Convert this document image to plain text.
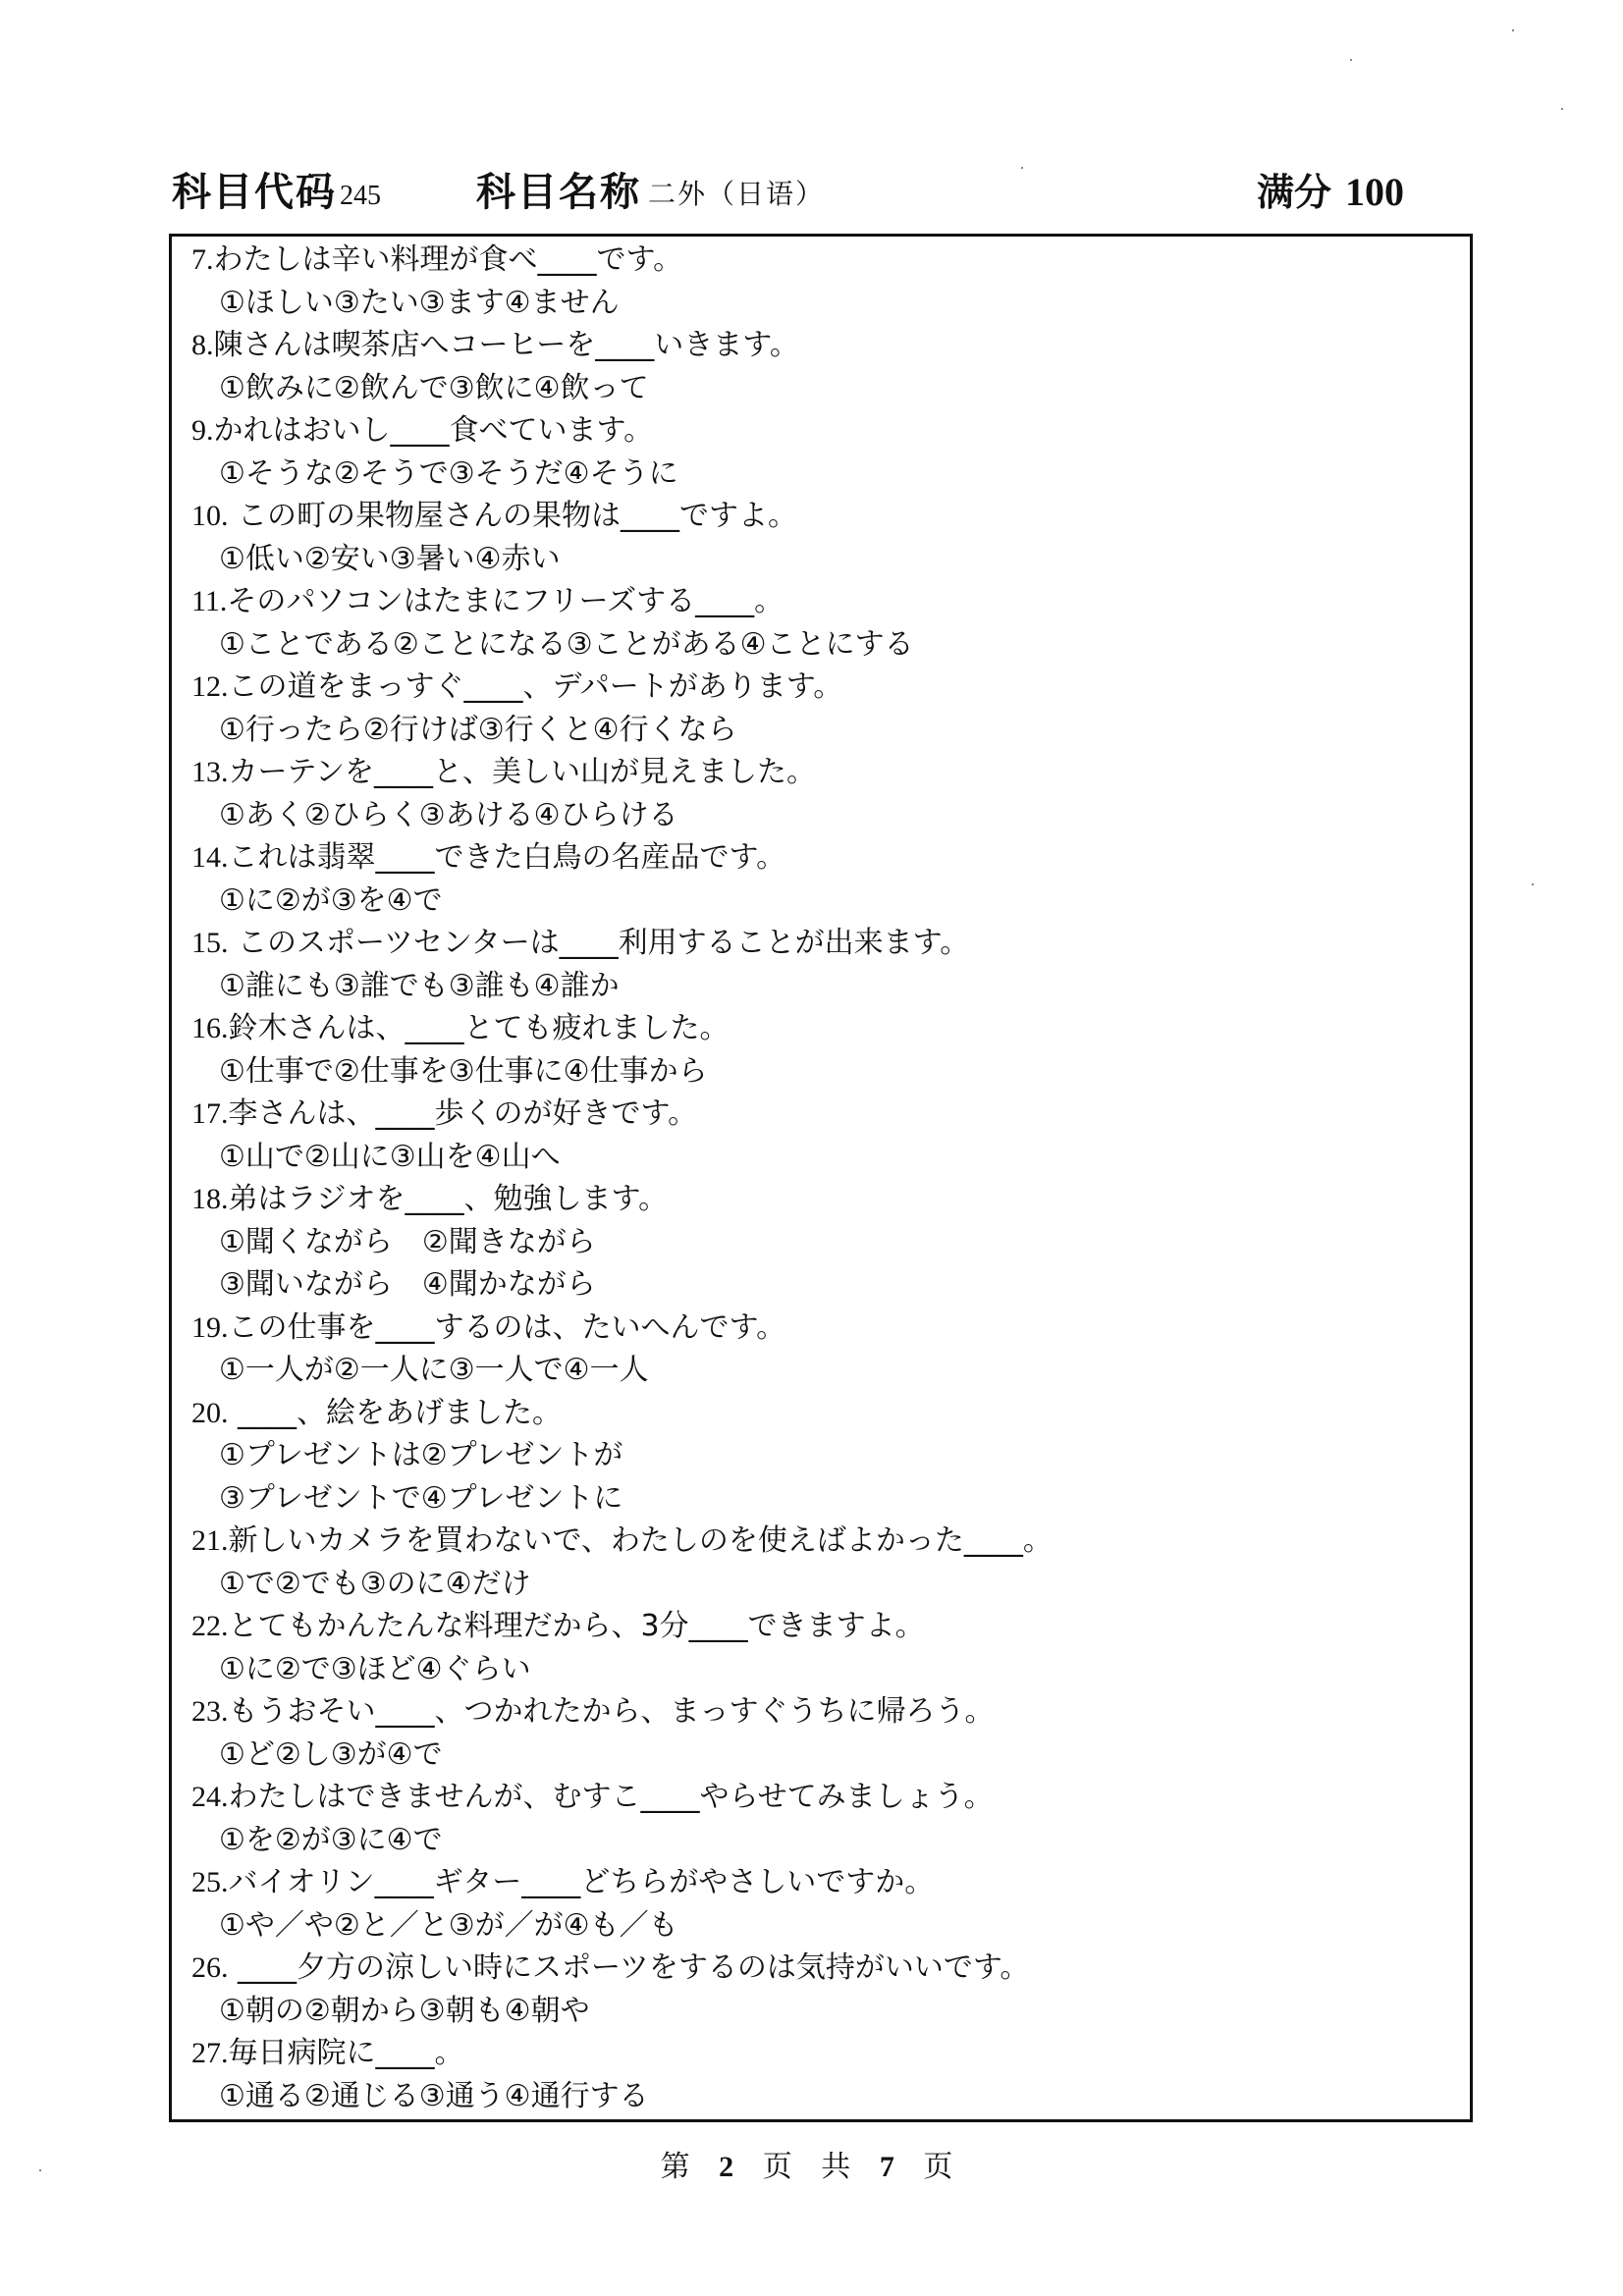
科目代码 245 科目名称 二外（日语）	满分 100
7.わたしは辛い料理が食べ____です。
①ほしい③たい③ます④ません
8.陳さんは喫茶店へコーヒーを____いきます。
①飲みに②飲んで③飲に④飲って
9.かれはおいし____食べています。
①そうな②そうで③そうだ④そうに
10. この町の果物屋さんの果物は____ですよ。
①低い②安い③暑い④赤い
11.そのパソコンはたまにフリーズする____。
①ことである②ことになる③ことがある④ことにする
12.この道をまっすぐ____、デパートがあります。
①行ったら②行けば③行くと④行くなら
13.カーテンを____と、美しい山が見えました。
①あく②ひらく③あける④ひらける
14.これは翡翠____できた白鳥の名産品です。
①に②が③を④で
15. このスポーツセンターは____利用することが出来ます。
①誰にも③誰でも③誰も④誰か
16.鈴木さんは、____とても疲れました。
①仕事で②仕事を③仕事に④仕事から
17.李さんは、____歩くのが好きです。
①山で②山に③山を④山へ
18.弟はラジオを____、勉強します。
①聞くながら　②聞きながら
③聞いながら　④聞かながら
19.この仕事を____するのは、たいへんです。
①一人が②一人に③一人で④一人
20. ____、絵をあげました。
①プレゼントは②プレゼントが
③プレゼントで④プレゼントに
21.新しいカメラを買わないで、わたしのを使えばよかった____。
①で②でも③のに④だけ
22.とてもかんたんな料理だから、3分____できますよ。
①に②で③ほど④ぐらい
23.もうおそい____、つかれたから、まっすぐうちに帰ろう。
①ど②し③が④で
24.わたしはできませんが、むすこ____やらせてみましょう。
①を②が③に④で
25.バイオリン____ギター____どちらがやさしいですか。
①や／や②と／と③が／が④も／も
26. ____夕方の涼しい時にスポーツをするのは気持がいいです。
①朝の②朝から③朝も④朝や
27.毎日病院に____。
①通る②通じる③通う④通行する
第 2 页 共 7 页
